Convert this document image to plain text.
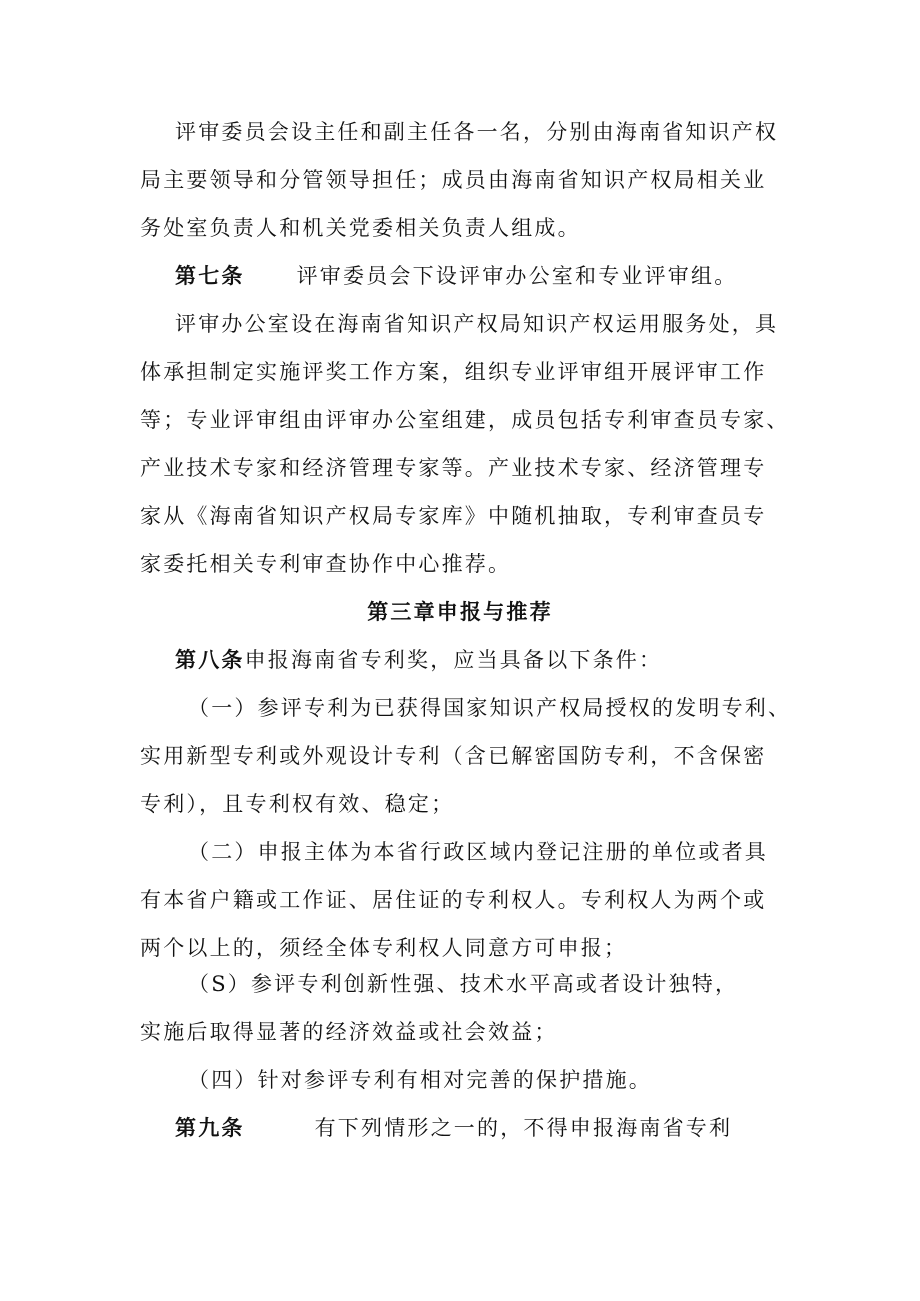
评审委员会设主任和副主任各一名，分别由海南省知识产权
局主要领导和分管领导担任；成员由海南省知识产权局相关业
务处室负责人和机关党委相关负责人组成。
第七条 评审委员会下设评审办公室和专业评审组。
评审办公室设在海南省知识产权局知识产权运用服务处，具
体承担制定实施评奖工作方案，组织专业评审组开展评审工作
等；专业评审组由评审办公室组建，成员包括专利审查员专家、
产业技术专家和经济管理专家等。产业技术专家、经济管理专
家从《海南省知识产权局专家库》中随机抽取，专利审查员专
家委托相关专利审查协作中心推荐。
第三章申报与推荐
第八条申报海南省专利奖，应当具备以下条件：
（一）参评专利为已获得国家知识产权局授权的发明专利、
实用新型专利或外观设计专利（含已解密国防专利，不含保密
专利），且专利权有效、稳定；
（二）申报主体为本省行政区域内登记注册的单位或者具
有本省户籍或工作证、居住证的专利权人。专利权人为两个或
两个以上的，须经全体专利权人同意方可申报；
（S）参评专利创新性强、技术水平高或者设计独特，
实施后取得显著的经济效益或社会效益；
（四）针对参评专利有相对完善的保护措施。
第九条	有下列情形之一的，不得申报海南省专利
